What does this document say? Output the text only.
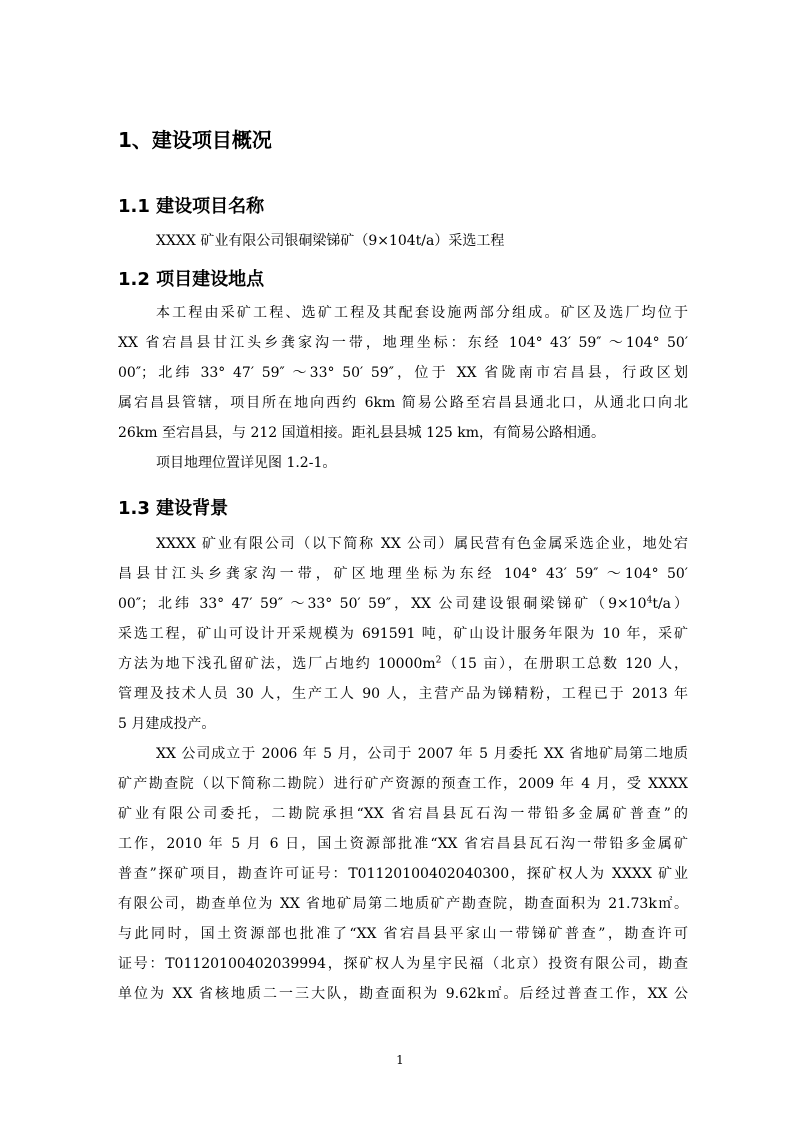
1、建设项目概况
1.1 建设项目名称
XXXX 矿业有限公司银硐梁锑矿（9×104t/a）采选工程
1.2 项目建设地点
本工程由采矿工程、选矿工程及其配套设施两部分组成。矿区及选厂均位于
XX 省宕昌县甘江头乡龚家沟一带，地理坐标：东经 104° 43′ 59″ ～104° 50′
00″；北纬 33° 47′ 59″ ～33° 50′ 59″，位于 XX 省陇南市宕昌县，行政区划
属宕昌县管辖，项目所在地向西约 6km 简易公路至宕昌县通北口，从通北口向北
26km 至宕昌县，与 212 国道相接。距礼县县城 125 km，有简易公路相通。
项目地理位置详见图 1.2-1。
1.3 建设背景
XXXX 矿业有限公司（以下简称 XX 公司）属民营有色金属采选企业，地处宕
昌县甘江头乡龚家沟一带，矿区地理坐标为东经 104° 43′ 59″ ～104° 50′
00″；北纬 33° 47′ 59″ ～33° 50′ 59″，XX 公司建设银硐梁锑矿$(9\times 10^4t/a)$
采选工程，矿山可设计开采规模为 691591 吨，矿山设计服务年限为 10 年，采矿
方法为地下浅孔留矿法，选厂占地约 $10000m^2(15$ 亩），在册职工总数 120 人，
管理及技术人员 30 人，生产工人 90 人，主营产品为锑精粉，工程已于 2013 年
5 月建成投产。
XX 公司成立于 2006 年 5 月，公司于 2007 年 5 月委托 XX 省地矿局第二地质
矿产勘查院（以下简称二勘院）进行矿产资源的预查工作，2009 年 4 月，受 XXXX
矿业有限公司委托，二勘院承担“XX 省宕昌县瓦石沟一带铅多金属矿普查”的
工作，2010 年 5 月 6 日，国土资源部批准“XX 省宕昌县瓦石沟一带铅多金属矿
普查”探矿项目，勘查许可证号：T01120100402040300，探矿权人为 XXXX 矿业
有限公司，勘查单位为 XX 省地矿局第二地质矿产勘查院，勘查面积为 21.73k㎡。
与此同时，国土资源部也批准了“XX 省宕昌县平家山一带锑矿普查”，勘查许可
证号：T01120100402039994，探矿权人为星宇民福（北京）投资有限公司，勘查
单位为 XX 省核地质二一三大队，勘查面积为 9.62k㎡。后经过普查工作，XX 公
1
